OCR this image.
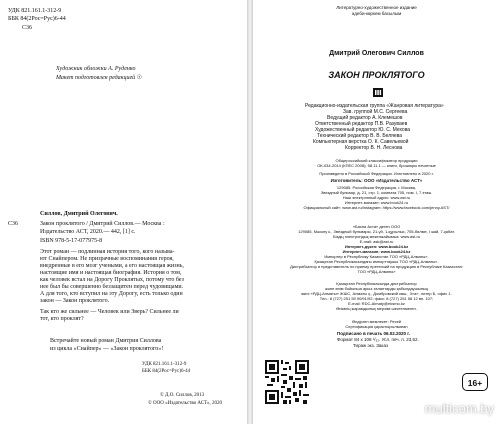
УДК 821.161.1-312-9
ББК 84(2Рос=Рус)6-44
С36
Художник обложки А. Руденко
Макет подготовлен редакцией ☉
Силлов, Дмитрий Олегович.
С36	Закон проклятого / Дмитрий Силлов.— Москва :
Издательство АСТ, 2020.— 442, [1] с.
ISBN 978-5-17-077975-8
Этот роман — подлинная история того, кого называ-
ют Снайпером. Не призрачные воспоминания героя,
внедренные в его мозг учеными, а его настоящая жизнь,
настоящие имя и настоящая биография. История о том,
как человек встал на Дорогу Проклятых, потому что без
нее был бы совершенно беззащитен перед чудовищами.
А для того, кто вступил на эту Дорогу, есть только один
закон — Закон проклятого.
Так кто же сильнее — Человек или Зверь? Сильнее ли
тот, кто проклят?
Встречайте новый роман Дмитрия Силлова
из цикла «Снайпер» — «Закон проклятого»!
УДК 821.161.1-312-9
ББК 84(2Рос=Рус)6-44
© Д.О. Силлов, 2013
© ООО «Издательство АСТ», 2020
Литературно-художественное издание
әдеби-көркем басылым
Дмитрий Олегович Силлов
ЗАКОН ПРОКЛЯТОГО
Редакционно-издательская группа «Жанровая литература»
Зав. группой М.С. Сергеева
Ведущий редактор А. Клемешов
Ответственный редактор П.В. Разуваев
Художественный редактор Ю. С. Мехова
Технический редактор В. В. Беляева
Компьютерная верстка О. К. Савельевой
Корректор В. Н. Леснова
Общероссийский классификатор продукции
ОК-034-2014 (КПЕС 2008); 58.11.1 — книги, брошюры печатные
Произведено в Российской Федерации. Изготовлено в 2020 г.
Изготовитель: ООО «Издательство АСТ»
129085, Российская Федерация, г. Москва,
Звездный бульвар, д. 21, стр. 1, комната 705, пом. I, 7 этаж.
Наш электронный адрес: www.ast.ru
Интернет-магазин: www.book24.ru
Официальный сайт: www.ast.ru/instagram: https://www.facebook.com/jenny.AST/
«Баспа Аста» деген ООО
129085, Мәскеу к., Звездный бульвары, 21-үй, 1-құрылыс, 705-бөлме, I жай, 7-қабат.
Біздің электрондық мекенжайымыз: www.ast.ru
E-mail: ask@ast.ru
Интернет-дүкен: www.book24.kz
Интернет-магазин: www.book24.kz
Импортер в Республику Казахстан ТОО «РДЦ-Алматы».
Қазақстан Республикасындағы импорттаушы ТОО «РДЦ-Алматы».
Дистрибьютор и представитель по приему претензий на продукцию в Республике Казахстан:
ТОО «РДЦ-Алматы»
Қазақстан Республикасында дистрибьютор
және өнім бойынша арыз-талаптарды қабылдаушының
өкілі «РДЦ-Алматы» ЖШС, Алматы қ., Домбровский көш., 3«а», литер Б, офис 1.
Тел.: 8 (727) 251 59 90/91/92; факс: 8 (727) 251 58 12 вн. 107;
E-mail: RDC-Almaty@eksmo.kz
Өнімнің жарамдылық мерзімі шектелмеген.
Өндірген мемлекет: Ресей
Сертификация қарастырылмаған
Подписано в печать 06.02.2020 г.
Формат 84 x 108 ¹/₃₂. Усл. печ. л. 23,52.
Тираж экз. Заказ
16+
multicom.by
